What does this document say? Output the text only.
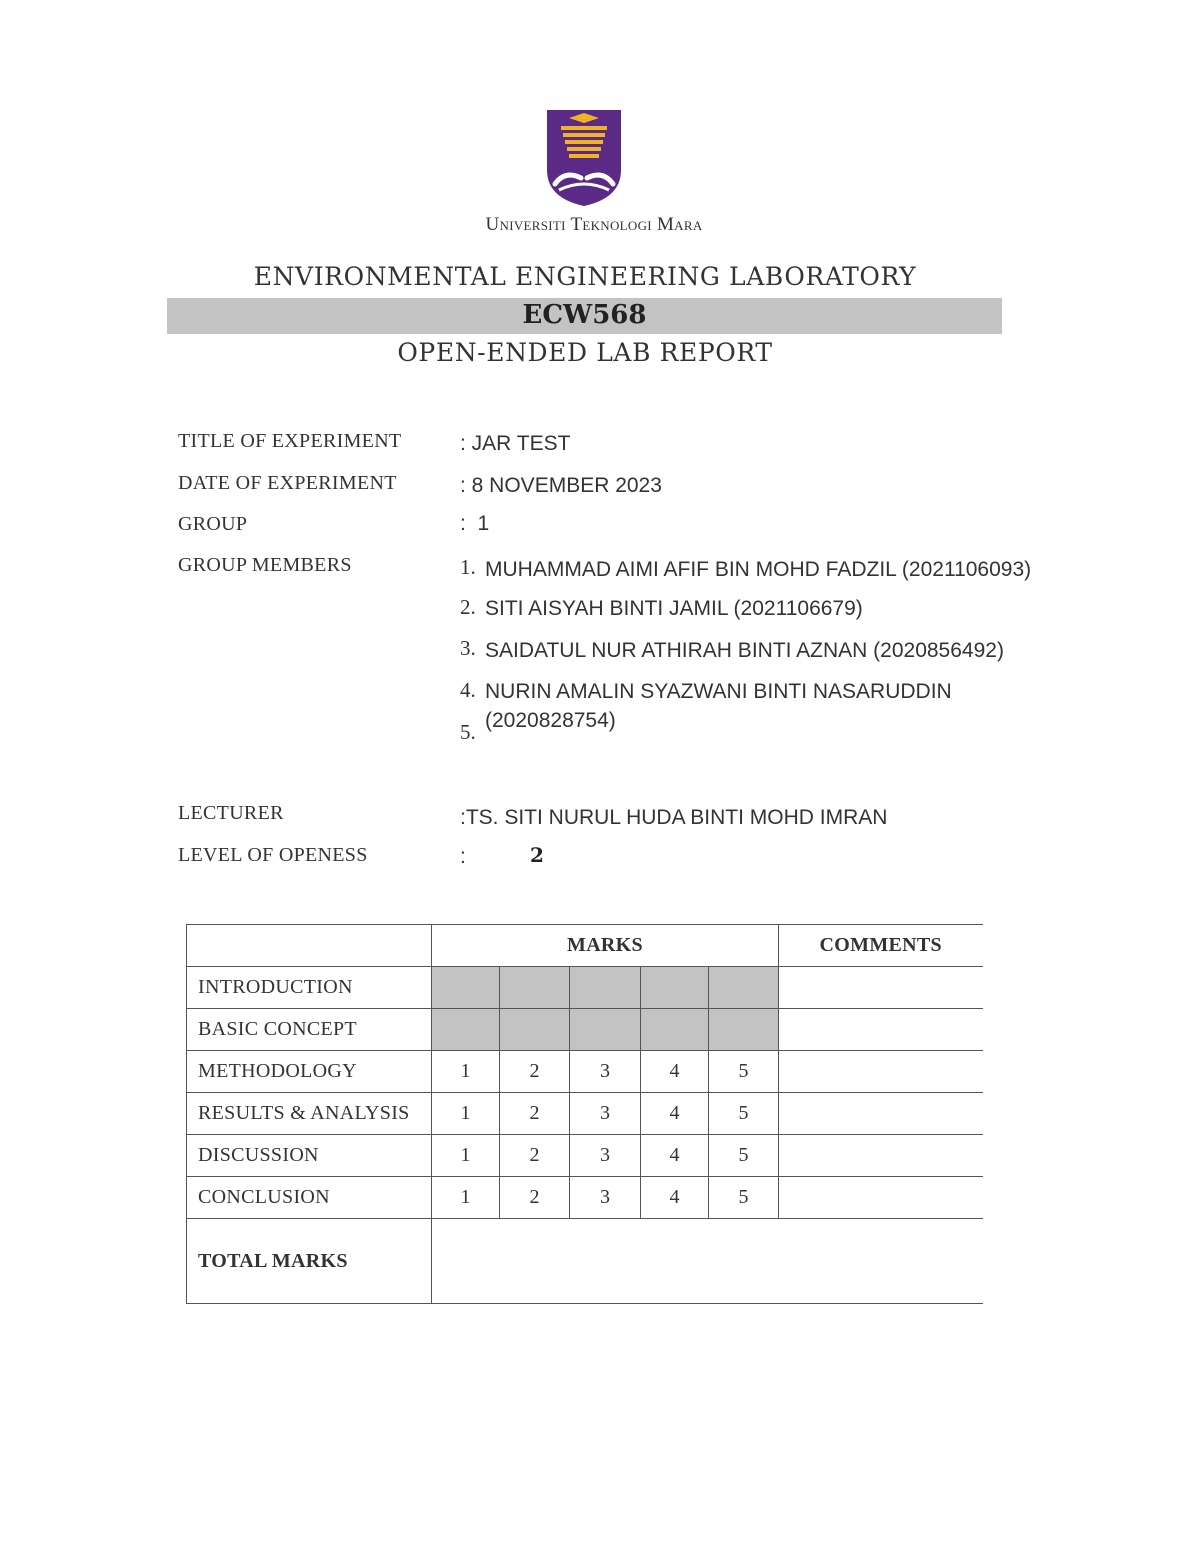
Universiti Teknologi Mara
ENVIRONMENTAL ENGINEERING LABORATORY
ECW568
OPEN-ENDED LAB REPORT
TITLE OF EXPERIMENT	: JAR TEST
DATE OF EXPERIMENT	: 8 NOVEMBER 2023
GROUP	:  1
GROUP MEMBERS	1. MUHAMMAD AIMI AFIF BIN MOHD FADZIL (2021106093)
2. SITI AISYAH BINTI JAMIL (2021106679)
3. SAIDATUL NUR ATHIRAH BINTI AZNAN (2020856492)
4. NURIN AMALIN SYAZWANI BINTI NASARUDDIN
5. (2020828754)
LECTURER	:TS. SITI NURUL HUDA BINTI MOHD IMRAN
LEVEL OF OPENESS	:	2
	MARKS					COMMENTS
INTRODUCTION						
BASIC CONCEPT						
METHODOLOGY	1	2	3	4	5	
RESULTS & ANALYSIS	1	2	3	4	5	
DISCUSSION	1	2	3	4	5	
CONCLUSION	1	2	3	4	5	
TOTAL MARKS						
